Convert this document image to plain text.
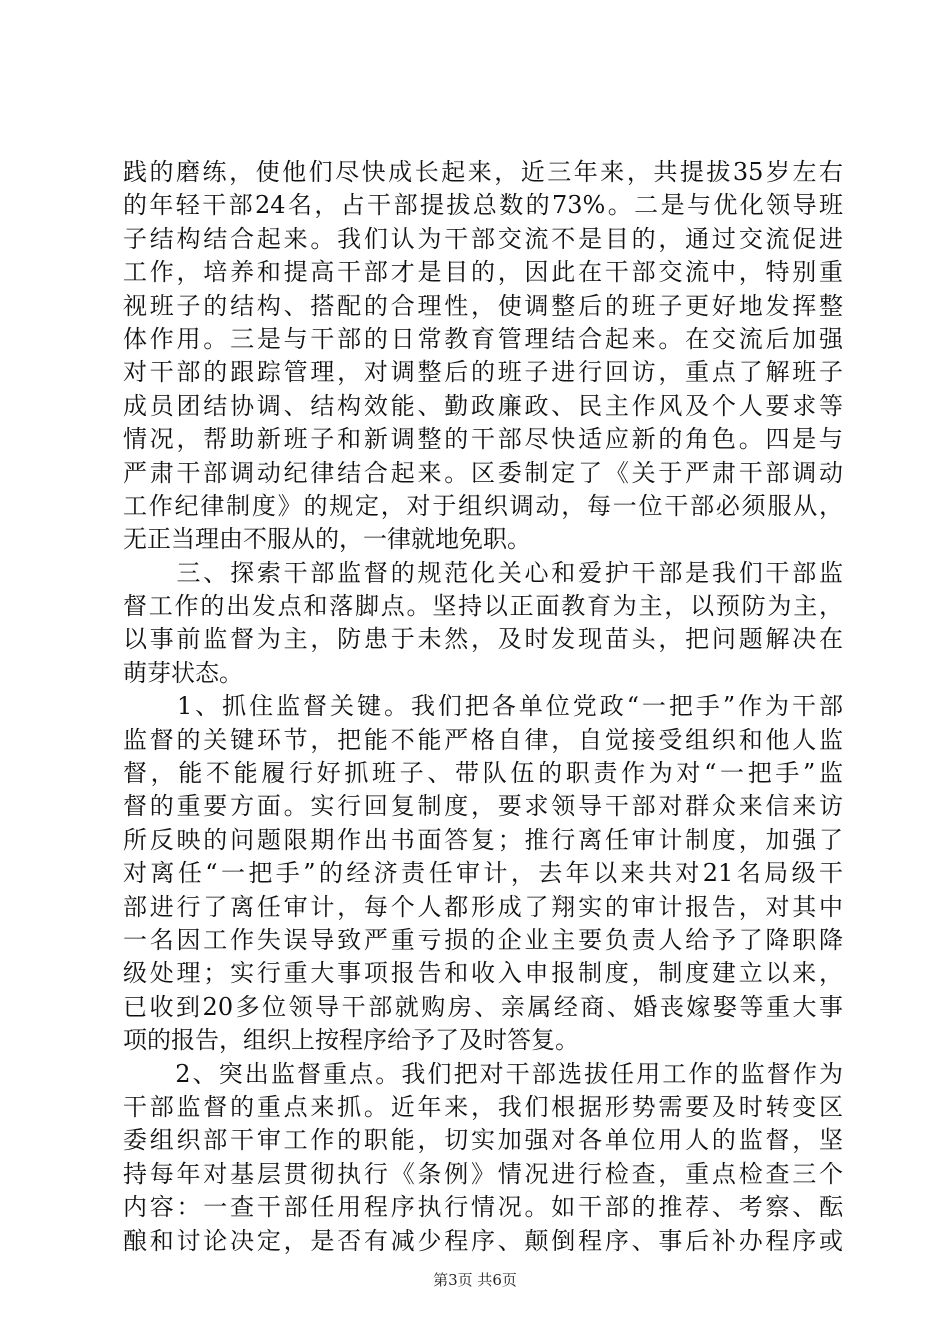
践的磨练，使他们尽快成长起来，近三年来，共提拔35岁左右
的年轻干部24名，占干部提拔总数的73%。二是与优化领导班
子结构结合起来。我们认为干部交流不是目的，通过交流促进
工作，培养和提高干部才是目的，因此在干部交流中，特别重
视班子的结构、搭配的合理性，使调整后的班子更好地发挥整
体作用。三是与干部的日常教育管理结合起来。在交流后加强
对干部的跟踪管理，对调整后的班子进行回访，重点了解班子
成员团结协调、结构效能、勤政廉政、民主作风及个人要求等
情况，帮助新班子和新调整的干部尽快适应新的角色。四是与
严肃干部调动纪律结合起来。区委制定了《关于严肃干部调动
工作纪律制度》的规定，对于组织调动，每一位干部必须服从，
无正当理由不服从的，一律就地免职。
　　三、探索干部监督的规范化关心和爱护干部是我们干部监
督工作的出发点和落脚点。坚持以正面教育为主，以预防为主，
以事前监督为主，防患于未然，及时发现苗头，把问题解决在
萌芽状态。
　　1、抓住监督关键。我们把各单位党政“一把手”作为干部
监督的关键环节，把能不能严格自律，自觉接受组织和他人监
督，能不能履行好抓班子、带队伍的职责作为对“一把手”监
督的重要方面。实行回复制度，要求领导干部对群众来信来访
所反映的问题限期作出书面答复；推行离任审计制度，加强了
对离任“一把手”的经济责任审计，去年以来共对21名局级干
部进行了离任审计，每个人都形成了翔实的审计报告，对其中
一名因工作失误导致严重亏损的企业主要负责人给予了降职降
级处理；实行重大事项报告和收入申报制度，制度建立以来，
已收到20多位领导干部就购房、亲属经商、婚丧嫁娶等重大事
项的报告，组织上按程序给予了及时答复。
　　2、突出监督重点。我们把对干部选拔任用工作的监督作为
干部监督的重点来抓。近年来，我们根据形势需要及时转变区
委组织部干审工作的职能，切实加强对各单位用人的监督，坚
持每年对基层贯彻执行《条例》情况进行检查，重点检查三个
内容：一查干部任用程序执行情况。如干部的推荐、考察、酝
酿和讨论决定，是否有减少程序、颠倒程序、事后补办程序或
第3页 共6页
